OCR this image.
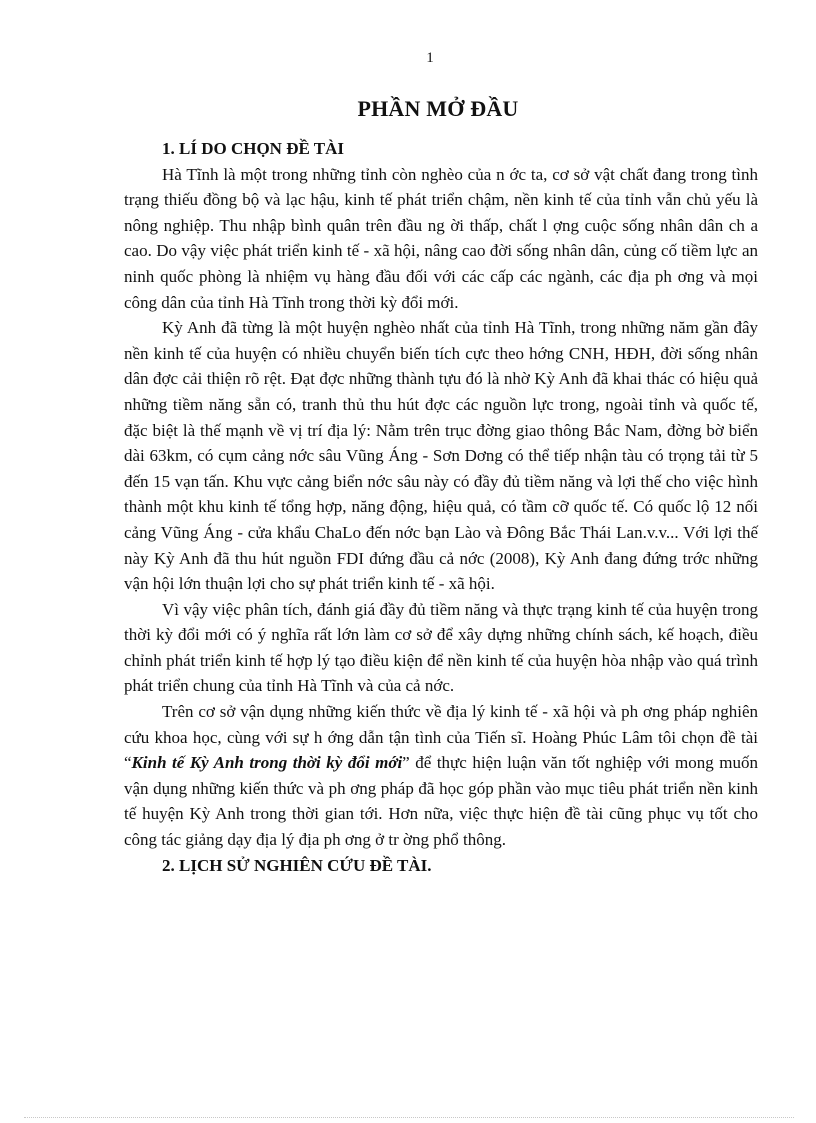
1
PHẦN MỞ ĐẦU

1. LÍ DO CHỌN ĐỀ TÀI

Hà Tĩnh là một trong những tỉnh còn nghèo của n ớc ta, cơ sở vật chất đang trong tình trạng thiếu đồng bộ và lạc hậu, kinh tế phát triển chậm, nền kinh tế của tỉnh vẫn chủ yếu là nông nghiệp. Thu nhập bình quân trên đầu ng ời thấp, chất l ợng cuộc sống nhân dân ch a cao. Do vậy việc phát triển kinh tế - xã hội, nâng cao đời sống nhân dân, củng cố tiềm lực an ninh quốc phòng là nhiệm vụ hàng đầu đối với các cấp các ngành, các địa ph ơng và mọi công dân của tỉnh Hà Tĩnh trong thời kỳ đổi mới.

Kỳ Anh đã từng là một huyện nghèo nhất của tỉnh Hà Tĩnh, trong những năm gần đây nền kinh tế của huyện có nhiều chuyển biến tích cực theo hớng CNH, HĐH, đời sống nhân dân đợc cải thiện rõ rệt. Đạt đợc những thành tựu đó là nhờ Kỳ Anh đã khai thác có hiệu quả những tiềm năng sẵn có, tranh thủ thu hút đợc các nguồn lực trong, ngoài tỉnh và quốc tế, đặc biệt là thế mạnh về vị trí địa lý: Nằm trên trục đờng giao thông Bắc Nam, đờng bờ biển dài 63km, có cụm cảng nớc sâu Vũng Áng - Sơn Dơng có thể tiếp nhận tàu có trọng tải từ 5 đến 15 vạn tấn. Khu vực cảng biển nớc sâu này có đầy đủ tiềm năng và lợi thế cho việc hình thành một khu kinh tế tổng hợp, năng động, hiệu quả, có tầm cỡ quốc tế. Có quốc lộ 12 nối cảng Vũng Áng - cửa khẩu ChaLo đến nớc bạn Lào và Đông Bắc Thái Lan.v.v... Với lợi thế này Kỳ Anh đã thu hút nguồn FDI đứng đầu cả nớc (2008), Kỳ Anh đang đứng trớc những vận hội lớn thuận lợi cho sự phát triển kinh tế - xã hội.

Vì vậy việc phân tích, đánh giá đầy đủ tiềm năng và thực trạng kinh tế của huyện trong thời kỳ đổi mới có ý nghĩa rất lớn làm cơ sở để xây dựng những chính sách, kế hoạch, điều chỉnh phát triển kinh tế hợp lý tạo điều kiện để nền kinh tế của huyện hòa nhập vào quá trình phát triển chung của tỉnh Hà Tĩnh và của cả nớc.

Trên cơ sở vận dụng những kiến thức về địa lý kinh tế - xã hội và ph ơng pháp nghiên cứu khoa học, cùng với sự h ớng dẫn tận tình của Tiến sĩ. Hoàng Phúc Lâm tôi chọn đề tài “Kinh tế Kỳ Anh trong thời kỳ đổi mới” để thực hiện luận văn tốt nghiệp với mong muốn vận dụng những kiến thức và ph ơng pháp đã học góp phần vào mục tiêu phát triển nền kinh tế huyện Kỳ Anh trong thời gian tới. Hơn nữa, việc thực hiện đề tài cũng phục vụ tốt cho công tác giảng dạy địa lý địa ph ơng ở tr ờng phổ thông.

2. LỊCH SỬ NGHIÊN CỨU ĐỀ TÀI.
